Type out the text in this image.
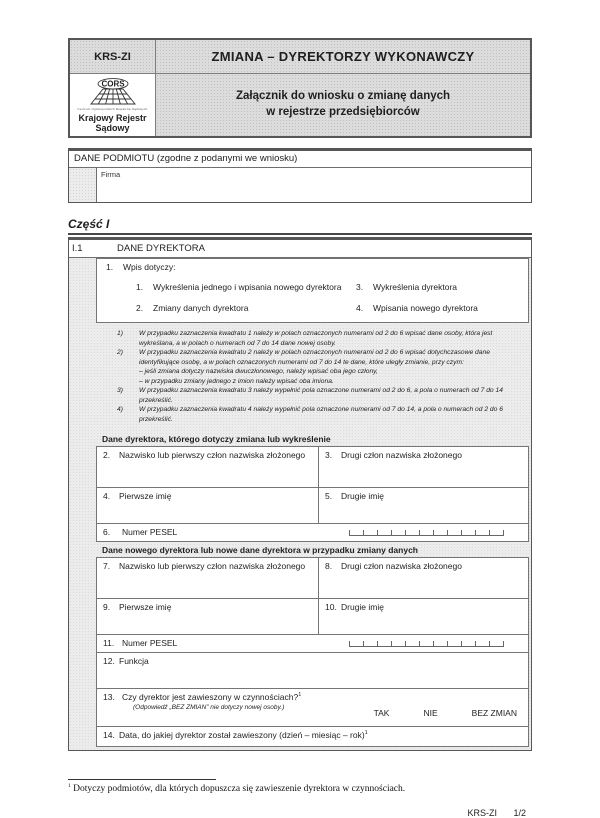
KRS-ZI	ZMIANA – DYREKTORZY WYKONAWCZY
CORS
Centrum Ogólnopolskich Rejestrów Sądowych
Krajowy Rejestr
Sądowy
Załącznik do wniosku o zmianę danych
w rejestrze przedsiębiorców
DANE PODMIOTU (zgodne z podanymi we wniosku)
Firma
Część I
I.1	DANE DYREKTORA
1.	Wpis dotyczy:
1.	Wykreślenia jednego i wpisania nowego dyrektora 3.	Wykreślenia dyrektora
2.	Zmiany danych dyrektora	4.	Wpisania nowego dyrektora
1)	W przypadku zaznaczenia kwadratu 1 należy w polach oznaczonych numerami od 2 do 6 wpisać dane osoby, która jest wykreślana, a w polach o numerach od 7 do 14 dane nowej osoby.
2)	W przypadku zaznaczenia kwadratu 2 należy w polach oznaczonych numerami od 2 do 6 wpisać dotychczasowe dane identyfikujące osobę, a w polach oznaczonych numerami od 7 do 14 te dane, które uległy zmianie, przy czym:
– jeśli zmiana dotyczy nazwiska dwuczłonowego, należy wpisać oba jego człony,
– w przypadku zmiany jednego z imion należy wpisać oba imiona.
3)	W przypadku zaznaczenia kwadratu 3 należy wypełnić pola oznaczone numerami od 2 do 6, a pola o numerach od 7 do 14 przekreślić.
4)	W przypadku zaznaczenia kwadratu 4 należy wypełnić pola oznaczone numerami od 7 do 14, a pola o numerach od 2 do 6 przekreślić.
Dane dyrektora, którego dotyczy zmiana lub wykreślenie
2.	Nazwisko lub pierwszy człon nazwiska złożonego	3.	Drugi człon nazwiska złożonego
4.	Pierwsze imię	5.	Drugie imię
6.	Numer PESEL
Dane nowego dyrektora lub nowe dane dyrektora w przypadku zmiany danych
7.	Nazwisko lub pierwszy człon nazwiska złożonego	8.	Drugi człon nazwiska złożonego
9.	Pierwsze imię	10. Drugie imię
11. Numer PESEL
12. Funkcja
13. Czy dyrektor jest zawieszony w czynnościach?$^1$
(Odpowiedź „BEZ ZMIAN” nie dotyczy nowej osoby.)
TAK	NIE	BEZ ZMIAN
14. Data, do jakiej dyrektor został zawieszony (dzień – miesiąc – rok)$^1$
$^1$ Dotyczy podmiotów, dla których dopuszcza się zawieszenie dyrektora w czynnościach.
KRS-ZI 1/2
